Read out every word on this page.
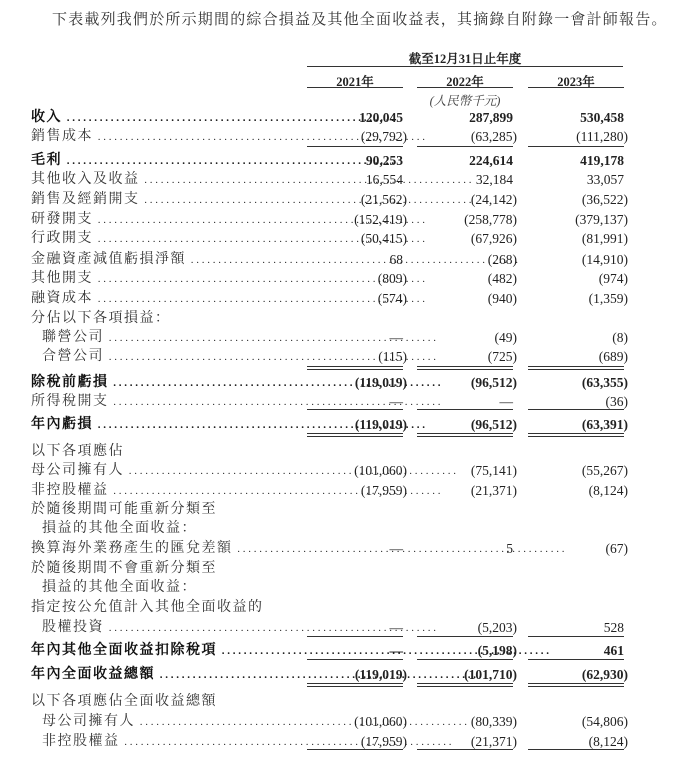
下表載列我們於所示期間的綜合損益及其他全面收益表，其摘錄自附錄一會計師報告。
截至12月31日止年度
2021年	2022年	2023年
(人民幣千元)
收入 . . .	120,045	287,899	530,458
銷售成本 . . .	(29,792)	(63,285)	(111,280)
毛利 . . .	90,253	224,614	419,178
其他收入及收益 . . .	16,554	32,184	33,057
銷售及經銷開支 . . .	(21,562)	(24,142)	(36,522)
研發開支 . . .	(152,419)	(258,778)	(379,137)
行政開支 . . .	(50,415)	(67,926)	(81,991)
金融資產減值虧損淨額 . . .	68	(268)	(14,910)
其他開支 . . .	(809)	(482)	(974)
融資成本 . . .	(574)	(940)	(1,359)
分佔以下各項損益：
聯營公司 . . .	—	(49)	(8)
合營公司 . . .	(115)	(725)	(689)
除稅前虧損 . . .	(119,019)	(96,512)	(63,355)
所得稅開支 . . .	—	—	(36)
年內虧損 . . .	(119,019)	(96,512)	(63,391)
以下各項應佔
母公司擁有人 . . .	(101,060)	(75,141)	(55,267)
非控股權益 . . .	(17,959)	(21,371)	(8,124)
於隨後期間可能重新分類至
損益的其他全面收益：
換算海外業務產生的匯兌差額 . . .	—	5	(67)
於隨後期間不會重新分類至
損益的其他全面收益：
指定按公允值計入其他全面收益的
股權投資 . . .	—	(5,203)	528
年內其他全面收益扣除稅項 . . .	—	(5,198)	461
年內全面收益總額 . . .	(119,019)	(101,710)	(62,930)
以下各項應佔全面收益總額
母公司擁有人 . . .	(101,060)	(80,339)	(54,806)
非控股權益 . . .	(17,959)	(21,371)	(8,124)
